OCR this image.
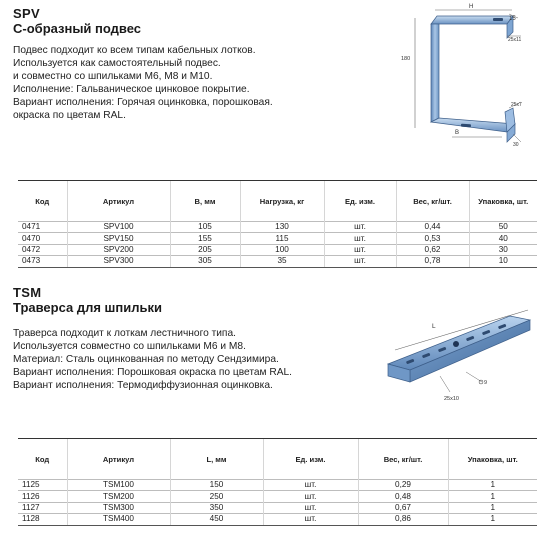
SPV
С-образный подвес
Подвес подходит ко всем типам кабельных лотков.
Используется как самостоятельный подвес.
и совместно со шпильками М6, М8 и М10.
Исполнение: Гальваническое цинковое покрытие.
Вариант исполнения: Горячая оцинковка, порошковая.
окраска по цветам RAL.
H
15
25x11
180
25x7
B
30
Код	Артикул	В, мм	Нагрузка, кг	Ед. изм.	Вес, кг/шт.	Упаковка, шт.
0471	SPV100	105	130	шт.	0,44	50
0470	SPV150	155	115	шт.	0,53	40
0472	SPV200	205	100	шт.	0,62	30
0473	SPV300	305	35	шт.	0,78	10
TSM
Траверса для шпильки
Траверса подходит к лоткам лестничного типа.
Используется совместно со шпильками М6 и М8.
Материал: Сталь оцинкованная по методу Сендзимира.
Вариант исполнения: Порошковая окраска по цветам RAL.
Вариант исполнения: Термодиффузионная оцинковка.
L
9
25x10
Код	Артикул	L, мм	Ед. изм.	Вес, кг/шт.	Упаковка, шт.
1125	TSM100	150	шт.	0,29	1
1126	TSM200	250	шт.	0,48	1
1127	TSM300	350	шт.	0,67	1
1128	TSM400	450	шт.	0,86	1
